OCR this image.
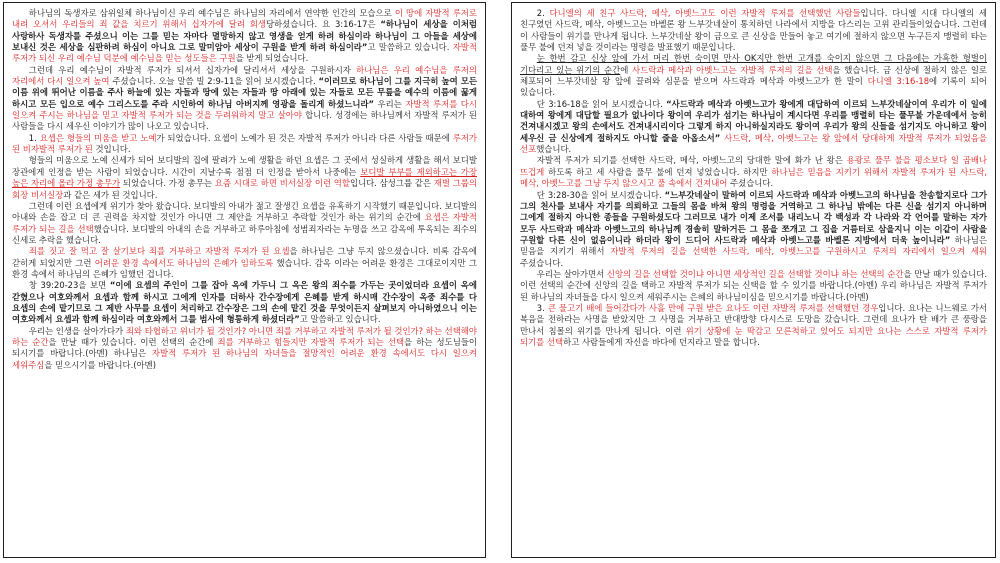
하나님의 독생자로 삼위일체 하나님이신 우리 예수님은 하나님의 자리에서 연약한 인간의 모습으로 이 땅에 자발적 루저로 내려 오셔서 우리들의 죄 값을 치르기 위해서 십자가에 달려 회생당하셨습니다. 요 3:16-17은 “하나님이 세상을 이처럼 사랑하사 독생자를 주셨으니 이는 그를 믿는 자마다 멸망하지 않고 영생을 얻게 하려 하심이라 하나님이 그 아들을 세상에 보내신 것은 세상을 심판하려 하심이 아니요 그로 말미암아 세상이 구원을 받게 하려 하심이라”고 말씀하고 있습니다. 자발적 루저가 되신 우리 예수님 덕분에 예수님을 믿는 성도들은 구원을 받게 되었습니다.

그런데 우리 예수님이 자발적 루저가 되셔서 십자가에 달리셔서 세상을 구원하시자 하나님은 우리 예수님을 루저의 자리에서 다시 일으켜 높여 주셨습니다. 오늘 말씀 빌 2:9-11을 읽어 보시겠습니다. “이러므로 하나님이 그를 지극히 높여 모든 이름 위에 뛰어난 이름을 주사 하늘에 있는 자들과 땅에 있는 자들과 땅 아래에 있는 자들로 모든 무릎을 예수의 이름에 꿇게 하시고 모든 입으로 예수 그리스도를 주라 시인하여 하나님 아버지께 영광을 돌리게 하셨느니라” 우리는 자발적 루저를 다시 일으켜 주시는 하나님을 믿고 자발적 루저가 되는 것을 두려워하지 말고 살아야 합니다. 성경에는 하나님께서 자발적 루저가 된 사람들을 다시 세우신 이야기가 많이 나오고 있습니다.

1. 요셉은 형들의 미움을 받고 노예가 되었습니다. 요셉이 노예가 된 것은 자발적 루저가 아니라 다른 사람들 때문에 루저가 된 비자발적 루저가 된 것입니다.

형들의 미움으로 노예 신세가 되어 보디발의 집에 팔려가 노예 생활을 하던 요셉은 그 곳에서 성실하게 생활을 해서 보디발 장관에게 인정을 받는 사람이 되었습니다. 시간이 지날수록 점점 더 인정을 받아서 나중에는 보디발 부부를 제외하고는 가장 높은 자리에 올라 가정 총무가 되었습니다. 가정 총무는 요즘 시대로 하면 비서실장 이런 역할입니다. 삼성그룹 같은 재벌 그룹의 회장 비서실장과 같은 세가 된 것입니다.

그런데 이런 요셉에게 위기가 찾아 왔습니다. 보디발의 아내가 젊고 잘생긴 요셉을 유혹하기 시작했기 때문입니다. 보디발의 아내와 손을 잡고 더 큰 권력을 차지할 것인가 아니면 그 제안을 거부하고 추락할 것인가 하는 위기의 순간에 요셉은 자발적 루저가 되는 길을 선택했습니다. 보디발의 아내의 손을 거부하고 하루아침에 성범죄자라는 누명을 쓰고 감옥에 투옥되는 죄수의 신세로 추락을 했습니다.

죄를 짓고 잘 먹고 잘 살기보다 죄를 거부하고 자발적 루저가 된 요셉을 하나님은 그냥 두지 않으셨습니다. 비록 감옥에 갇히게 되었지만 그런 어려운 환경 속에서도 하나님의 은혜가 임하도록 했습니다. 감옥 이라는 어려운 환경은 그대로이지만 그 환경 속에서 하나님의 은혜가 임했던 겁니다.

창 39:20-23을 보면 “이에 요셉의 주인이 그를 잡아 옥에 가두니 그 옥은 왕의 죄수를 가두는 곳이었더라 요셉이 옥에 갇혔으나 여호와께서 요셉과 함께 하시고 그에게 인자를 더하사 간수장에게 은혜를 받게 하시매 간수장이 옥중 죄수를 다 요셉의 손에 맡기므로 그 제반 사무를 요셉이 처리하고 간수장은 그의 손에 맡긴 것을 무엇이든지 살펴보지 아니하였으니 이는 여호와께서 요셉과 함께 하심이라 여호와께서 그를 범사에 형통하게 하셨더라”고 말씀하고 있습니다.

우리는 인생을 살아가다가 죄와 타협하고 위너가 될 것인가? 아니면 죄를 거부하고 자발적 루저가 될 것인가? 하는 선택해야 하는 순간을 만날 때가 있습니다. 이런 선택의 순간에 죄를 거부하고 힘들지만 자발적 루저가 되는 선택을 하는 성도님들이 되시기를 바랍니다.(아멘) 하나님은 자발적 루저가 된 하나님의 자녀들을 절망적인 어려운 환경 속에서도 다시 일으켜 세워주심을 믿으시기를 바랍니다.(아멘)

2. 다니엘의 세 친구 사드락, 메삭, 아벳느고도 이런 자발적 루저를 선택했던 사람들입니다. 다니엘 시대 다니엘의 세 친구였던 사드락, 메삭, 아벳느고는 바벨론 왕 느부갓네살이 통치하던 나라에서 지방을 다스리는 고위 관리들이었습니다. 그런데 이 사람들이 위기를 만나게 됩니다. 느부갓네살 왕이 금으로 큰 신상을 만들어 놓고 여기에 절하지 않으면 누구든지 맹렬히 타는 풀무 불에 던져 넣을 것이라는 명령을 발표했기 때문입니다.

눈 한번 감고 신상 앞에 가서 머리 한번 숙이면 만사 OK지만 한번 고개를 숙이지 않으면 그 다음에는 가혹한 형벌이 기다리고 있는 위기의 순간에 사드락과 메삭과 아벳느고는 자발적 루저의 길을 선택을 했습니다. 금 신상에 절하지 않은 일로 체포되어 느부갓네살 왕 앞에 끌려와 심문을 받으며 사드락과 메삭과 아벳느고가 한 말이 다니엘 3:16-18에 기록이 되어 있습니다.

단 3:16-18을 읽어 보시겠습니다. “사드락과 메삭과 아벳느고가 왕에게 대답하여 이르되 느부갓네살이여 우리가 이 일에 대하여 왕에게 대답할 필요가 없나이다 왕이여 우리가 섬기는 하나님이 계시다면 우리를 맹렬히 타는 풀무불 가운데에서 능히 건져내시겠고 왕의 손에서도 건져내시리이다 그렇게 하지 아니하실지라도 왕이여 우리가 왕의 신들을 섬기지도 아니하고 왕이 세우신 금 신상에게 절하지도 아니할 줄을 아옵소서” 사드락, 메삭, 아벳느고는 왕 앞에서 당대하게 자발적 루저가 되었음을 선포했습니다.

자발적 루저가 되기를 선택한 사드락, 메삭, 아벳느고의 당대한 말에 화가 난 왕은 용광로 풀무 불을 평소보다 일 곱배나 뜨겁게 하도록 하고 세 사람을 풀무 불에 던져 넣었습니다. 하지만 하나님은 믿음을 지키기 위해서 자발적 루저가 된 사드락, 메삭, 아벳느고를 그냥 두지 않으시고 풀 속에서 건져내어 주셨습니다.

단 3:28-30을 읽어 보시겠습니다. “느부갓네살이 말하여 이르되 사드락과 메삭과 아벳느고의 하나님을 찬송할지로다 그가 그의 천사를 보내사 자기를 의뢰하고 그들의 몸을 바쳐 왕의 명령을 거역하고 그 하나님 밖에는 다른 신을 섬기지 아니하며 그에게 절하지 아니한 종들을 구원하셨도다 그러므로 내가 이제 조서를 내리노니 각 백성과 각 나라와 각 언어를 말하는 자가 모두 사드락과 메삭과 아벳느고의 하나님께 경솔히 말하거든 그 몸을 쪼개고 그 집을 거름터로 삼을지니 이는 이같이 사람을 구원할 다른 신이 없음이니라 하더라 왕이 드디어 사드락과 메삭과 아벳느고를 바벨론 지방에서 더욱 높이니라” 하나님은 믿음을 지키기 위해서 자발적 루저의 길을 선택한 사드락, 메삭, 아벳느고를 구원하시고 루저의 자리에서 일으켜 세워 주셨습니다.

우리는 살아가면서 신앙의 길을 선택할 것이냐 아니면 세상적인 길을 선택할 것이냐 하는 선택의 순간을 만날 때가 있습니다. 이런 선택의 순간에 신앙의 길을 택하고 자발적 루저가 되는 신택을 할 수 있기를 바랍니다.(아멘) 우리 하나님은 자발적 루저가 된 하나님의 자녀들을 다시 일으켜 세워주시는 은혜의 하나님이심을 믿으시기를 바랍니다.(아멘)

3. 큰 물고기 배에 들어갔다가 사흘 만에 구원 받은 요나도 이런 자발적 루저를 선택했던 경우입니다. 요나는 니느웨로 가서 복음을 전하라는 사명을 받았지만 그 사명을 거부하고 반대방향 다시스로 도망을 갔습니다. 그런데 요나가 탄 배가 큰 풍랑을 만나서 침몰의 위기를 만나게 됩니다. 이런 위기 상황에 눈 딱감고 모른척하고 있어도 되지만 요나는 스스로 자발적 루저가 되기를 선택하고 사람들에게 자신을 바다에 던지라고 말을 합니다.
